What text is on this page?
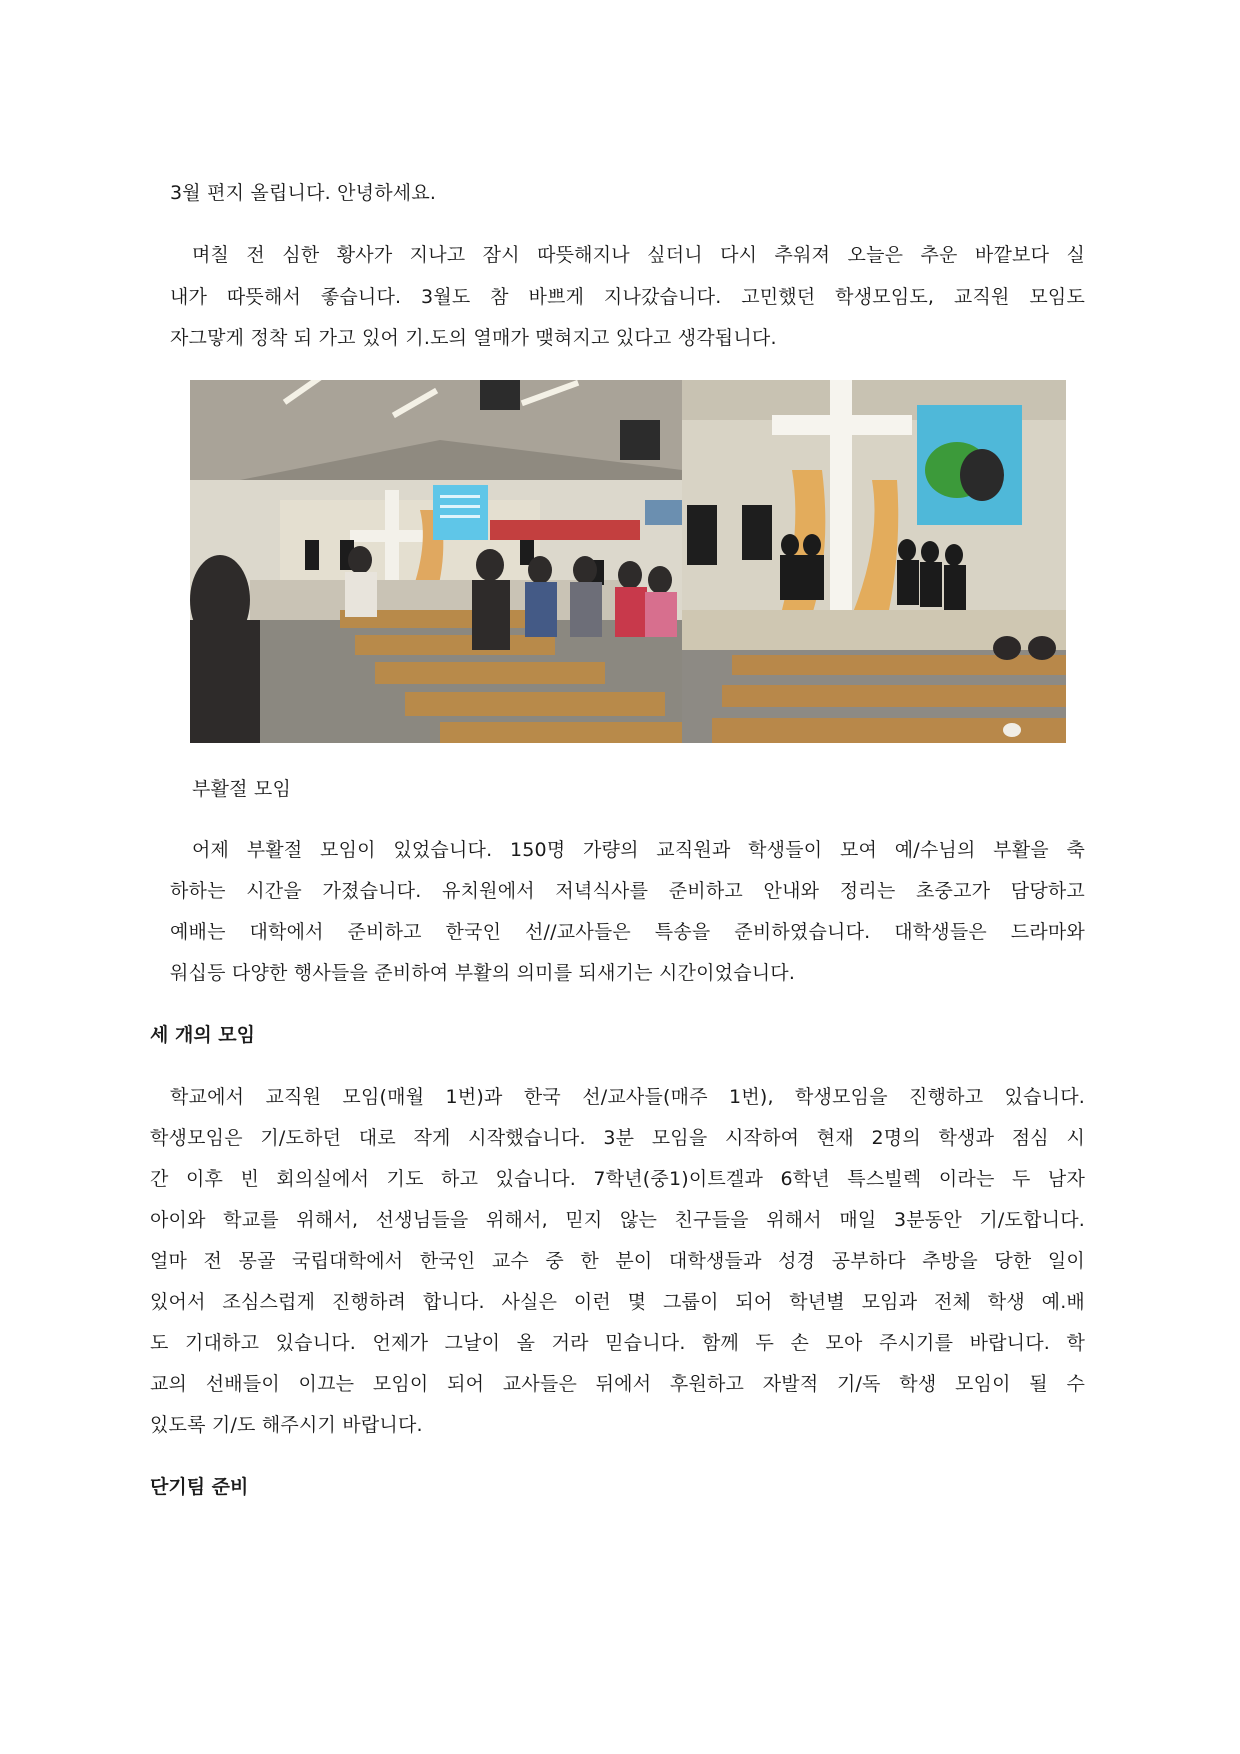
3월 편지 올립니다. 안녕하세요.
며칠 전 심한 황사가 지나고 잠시 따뜻해지나 싶더니 다시 추워져 오늘은 추운 바깥보다 실
내가 따뜻해서 좋습니다. 3월도 참 바쁘게 지나갔습니다. 고민했던 학생모임도, 교직원 모임도
자그맣게 정착 되 가고 있어 기.도의 열매가 맺혀지고 있다고 생각됩니다.
부활절 모임
어제 부활절 모임이 있었습니다. 150명 가량의 교직원과 학생들이 모여 예/수님의 부활을 축
하하는 시간을 가졌습니다. 유치원에서 저녁식사를 준비하고 안내와 정리는 초중고가 담당하고
예배는 대학에서 준비하고 한국인 선//교사들은 특송을 준비하였습니다. 대학생들은 드라마와
워십등 다양한 행사들을 준비하여 부활의 의미를 되새기는 시간이었습니다.
세 개의 모임
학교에서 교직원 모임(매월 1번)과 한국 선/교사들(매주 1번), 학생모임을 진행하고 있습니다.
학생모임은 기/도하던 대로 작게 시작했습니다. 3분 모임을 시작하여 현재 2명의 학생과 점심 시
간 이후 빈 회의실에서 기도 하고 있습니다. 7학년(중1)이트겔과 6학년 특스빌렉 이라는 두 남자
아이와 학교를 위해서, 선생님들을 위해서, 믿지 않는 친구들을 위해서 매일 3분동안 기/도합니다.
얼마 전 몽골 국립대학에서 한국인 교수 중 한 분이 대학생들과 성경 공부하다 추방을 당한 일이
있어서 조심스럽게 진행하려 합니다. 사실은 이런 몇 그룹이 되어 학년별 모임과 전체 학생 예.배
도 기대하고 있습니다. 언제가 그날이 올 거라 믿습니다. 함께 두 손 모아 주시기를 바랍니다. 학
교의 선배들이 이끄는 모임이 되어 교사들은 뒤에서 후원하고 자발적 기/독 학생 모임이 될 수
있도록 기/도 해주시기 바랍니다.
단기팀 준비
